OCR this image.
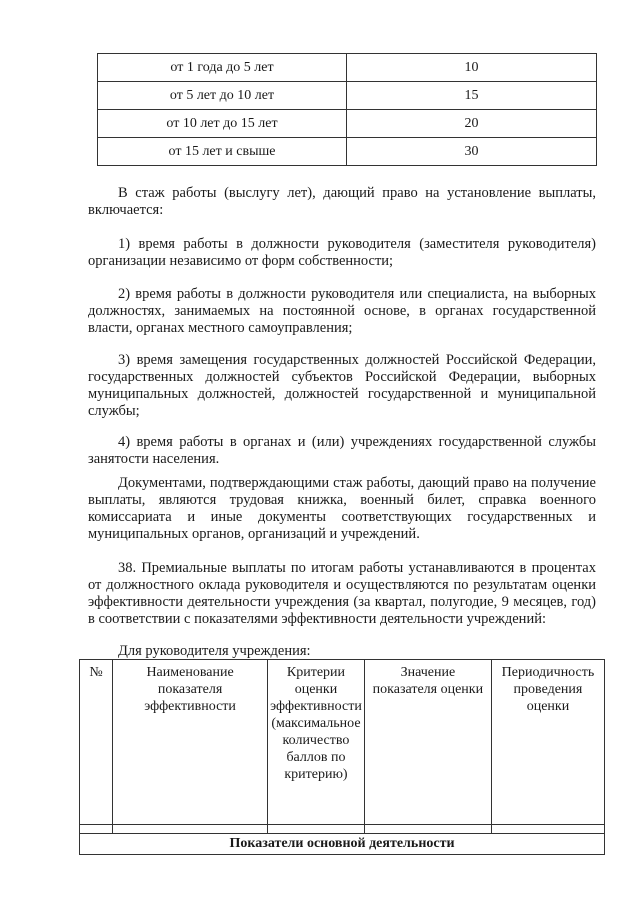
от 1 года до 5 лет	10
от 5 лет до 10 лет	15
от 10 лет до 15 лет	20
от 15 лет и свыше	30

В стаж работы (выслугу лет), дающий право на установление выплаты, включается:

1) время работы в должности руководителя (заместителя руководителя) организации независимо от форм собственности;

2) время работы в должности руководителя или специалиста, на выборных должностях, занимаемых на постоянной основе, в органах государственной власти, органах местного самоуправления;

3) время замещения государственных должностей Российской Федерации, государственных должностей субъектов Российской Федерации, выборных муниципальных должностей, должностей государственной и муниципальной службы;

4) время работы в органах и (или) учреждениях государственной службы занятости населения.

Документами, подтверждающими стаж работы, дающий право на получение выплаты, являются трудовая книжка, военный билет, справка военного комиссариата и иные документы соответствующих государственных и муниципальных органов, организаций и учреждений.

38. Премиальные выплаты по итогам работы устанавливаются в процентах от должностного оклада руководителя и осуществляются по результатам оценки эффективности деятельности учреждения (за квартал, полугодие, 9 месяцев, год) в соответствии с показателями эффективности деятельности учреждений:

Для руководителя учреждения:

№	Наименование показателя эффективности	Критерии оценки эффективности (максимальное количество баллов по критерию)	Значение показателя оценки	Периодичность проведения оценки

Показатели основной деятельности				
